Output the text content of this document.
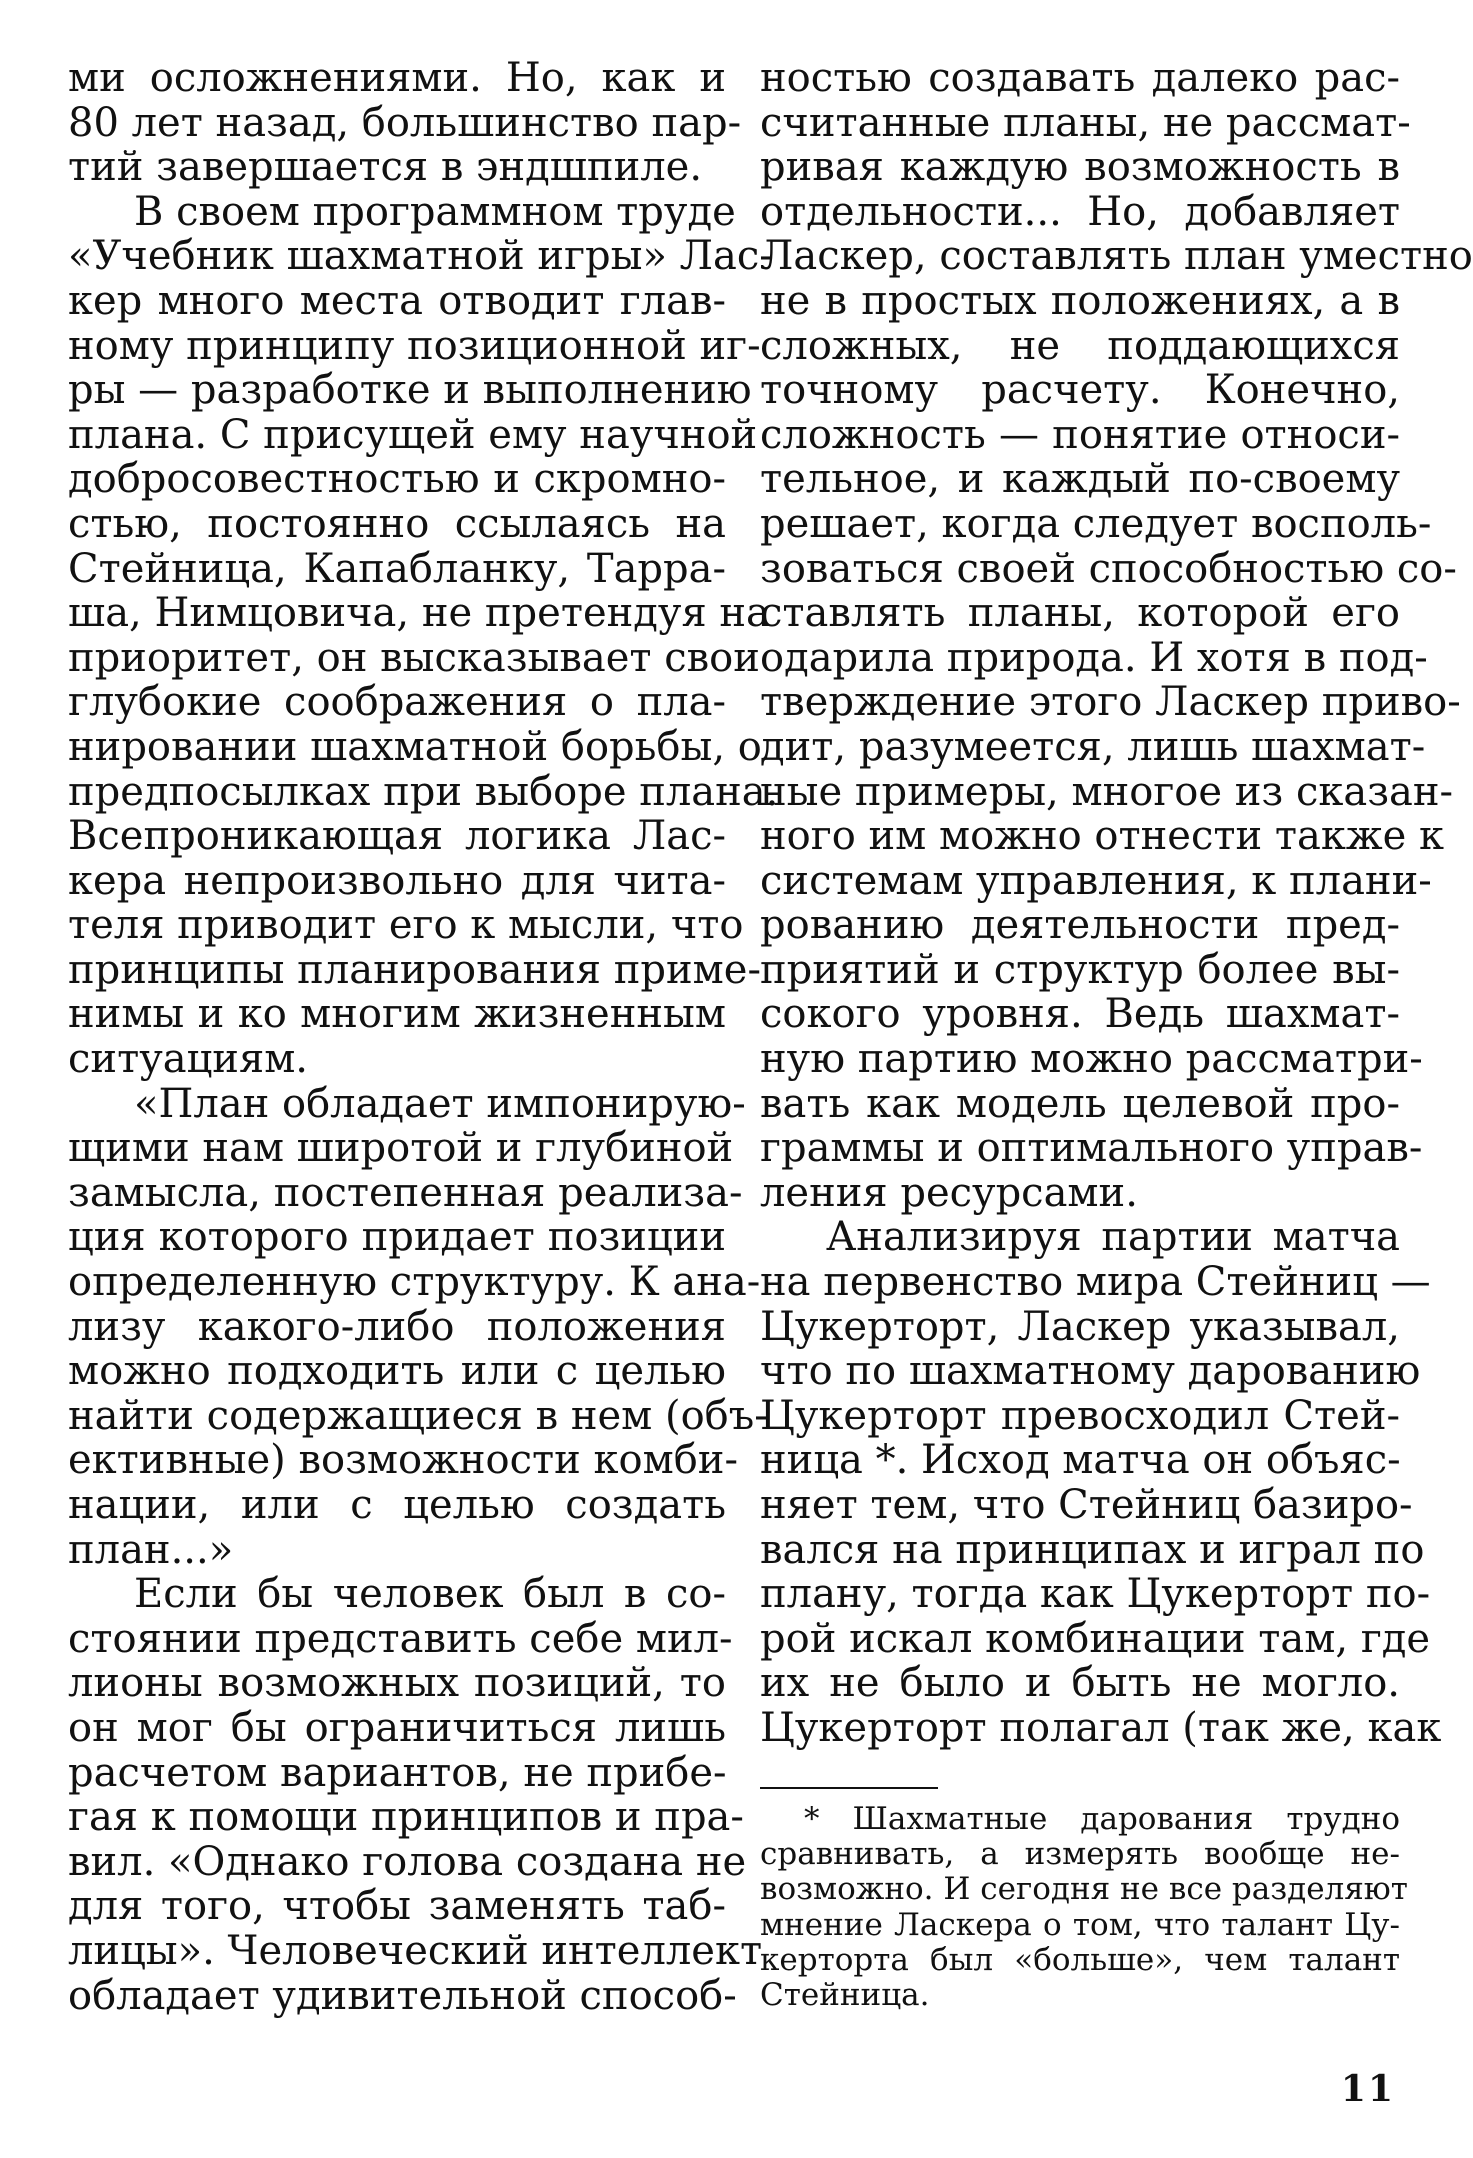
ми осложнениями. Но, как и
80 лет назад, большинство пар-
тий завершается в эндшпиле.
В своем программном труде
«Учебник шахматной игры» Лас-
кер много места отводит глав-
ному принципу позиционной иг-
ры — разработке и выполнению
плана. С присущей ему научной
добросовестностью и скромно-
стью, постоянно ссылаясь на
Стейница, Капабланку, Тарра-
ша, Нимцовича, не претендуя на
приоритет, он высказывает свои
глубокие соображения о пла-
нировании шахматной борьбы, о
предпосылках при выборе плана.
Всепроникающая логика Лас-
кера непроизвольно для чита-
теля приводит его к мысли, что
принципы планирования приме-
нимы и ко многим жизненным
ситуациям.
«План обладает импонирую-
щими нам широтой и глубиной
замысла, постепенная реализа-
ция которого придает позиции
определенную структуру. К ана-
лизу какого-либо положения
можно подходить или с целью
найти содержащиеся в нем (объ-
ективные) возможности комби-
нации, или с целью создать
план...»
Если бы человек был в со-
стоянии представить себе мил-
лионы возможных позиций, то
он мог бы ограничиться лишь
расчетом вариантов, не прибе-
гая к помощи принципов и пра-
вил. «Однако голова создана не
для того, чтобы заменять таб-
лицы». Человеческий интеллект
обладает удивительной способ-
ностью создавать далеко рас-
считанные планы, не рассмат-
ривая каждую возможность в
отдельности... Но, добавляет
Ласкер, составлять план уместно
не в простых положениях, а в
сложных, не поддающихся
точному расчету. Конечно,
сложность — понятие относи-
тельное, и каждый по-своему
решает, когда следует восполь-
зоваться своей способностью со-
ставлять планы, которой его
одарила природа. И хотя в под-
тверждение этого Ласкер приво-
дит, разумеется, лишь шахмат-
ные примеры, многое из сказан-
ного им можно отнести также к
системам управления, к плани-
рованию деятельности пред-
приятий и структур более вы-
сокого уровня. Ведь шахмат-
ную партию можно рассматри-
вать как модель целевой про-
граммы и оптимального управ-
ления ресурсами.
Анализируя партии матча
на первенство мира Стейниц —
Цукерторт, Ласкер указывал,
что по шахматному дарованию
Цукерторт превосходил Стей-
ница *. Исход матча он объяс-
няет тем, что Стейниц базиро-
вался на принципах и играл по
плану, тогда как Цукерторт по-
рой искал комбинации там, где
их не было и быть не могло.
Цукерторт полагал (так же, как
* Шахматные дарования трудно
сравнивать, а измерять вообще не-
возможно. И сегодня не все разделяют
мнение Ласкера о том, что талант Цу-
керторта был «больше», чем талант
Стейница.
11
